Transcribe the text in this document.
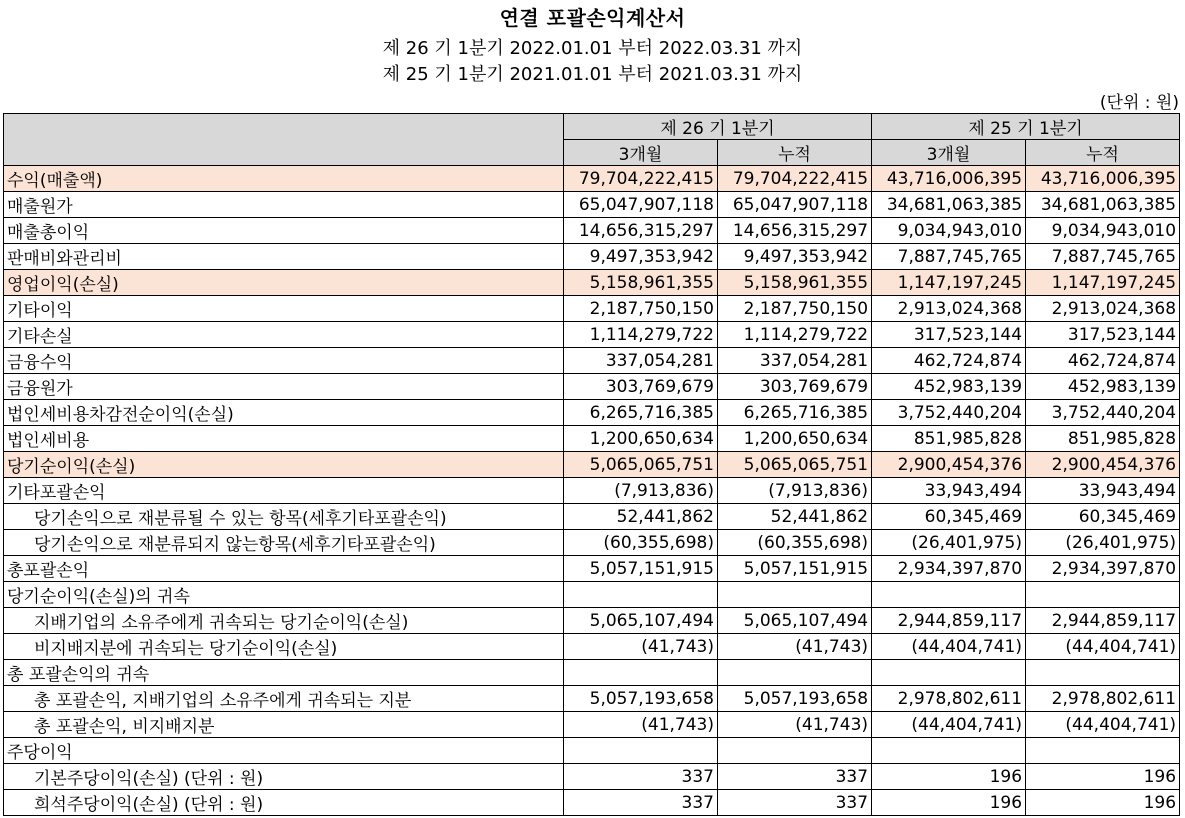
연결 포괄손익계산서
제 26 기 1분기 2022.01.01 부터 2022.03.31 까지
제 25 기 1분기 2021.01.01 부터 2021.03.31 까지
(단위 : 원)
	제 26 기 1분기		제 25 기 1분기	
	3개월	누적	3개월	누적
수익(매출액)	79,704,222,415	79,704,222,415	43,716,006,395	43,716,006,395
매출원가	65,047,907,118	65,047,907,118	34,681,063,385	34,681,063,385
매출총이익	14,656,315,297	14,656,315,297	9,034,943,010	9,034,943,010
판매비와관리비	9,497,353,942	9,497,353,942	7,887,745,765	7,887,745,765
영업이익(손실)	5,158,961,355	5,158,961,355	1,147,197,245	1,147,197,245
기타이익	2,187,750,150	2,187,750,150	2,913,024,368	2,913,024,368
기타손실	1,114,279,722	1,114,279,722	317,523,144	317,523,144
금융수익	337,054,281	337,054,281	462,724,874	462,724,874
금융원가	303,769,679	303,769,679	452,983,139	452,983,139
법인세비용차감전순이익(손실)	6,265,716,385	6,265,716,385	3,752,440,204	3,752,440,204
법인세비용	1,200,650,634	1,200,650,634	851,985,828	851,985,828
당기순이익(손실)	5,065,065,751	5,065,065,751	2,900,454,376	2,900,454,376
기타포괄손익	(7,913,836)	(7,913,836)	33,943,494	33,943,494
당기손익으로 재분류될 수 있는 항목(세후기타포괄손익)	52,441,862	52,441,862	60,345,469	60,345,469
당기손익으로 재분류되지 않는항목(세후기타포괄손익)	(60,355,698)	(60,355,698)	(26,401,975)	(26,401,975)
총포괄손익	5,057,151,915	5,057,151,915	2,934,397,870	2,934,397,870
당기순이익(손실)의 귀속				
지배기업의 소유주에게 귀속되는 당기순이익(손실)	5,065,107,494	5,065,107,494	2,944,859,117	2,944,859,117
비지배지분에 귀속되는 당기순이익(손실)	(41,743)	(41,743)	(44,404,741)	(44,404,741)
총 포괄손익의 귀속				
총 포괄손익, 지배기업의 소유주에게 귀속되는 지분	5,057,193,658	5,057,193,658	2,978,802,611	2,978,802,611
총 포괄손익, 비지배지분	(41,743)	(41,743)	(44,404,741)	(44,404,741)
주당이익				
기본주당이익(손실) (단위 : 원)	337	337	196	196
희석주당이익(손실) (단위 : 원)	337	337	196	196
